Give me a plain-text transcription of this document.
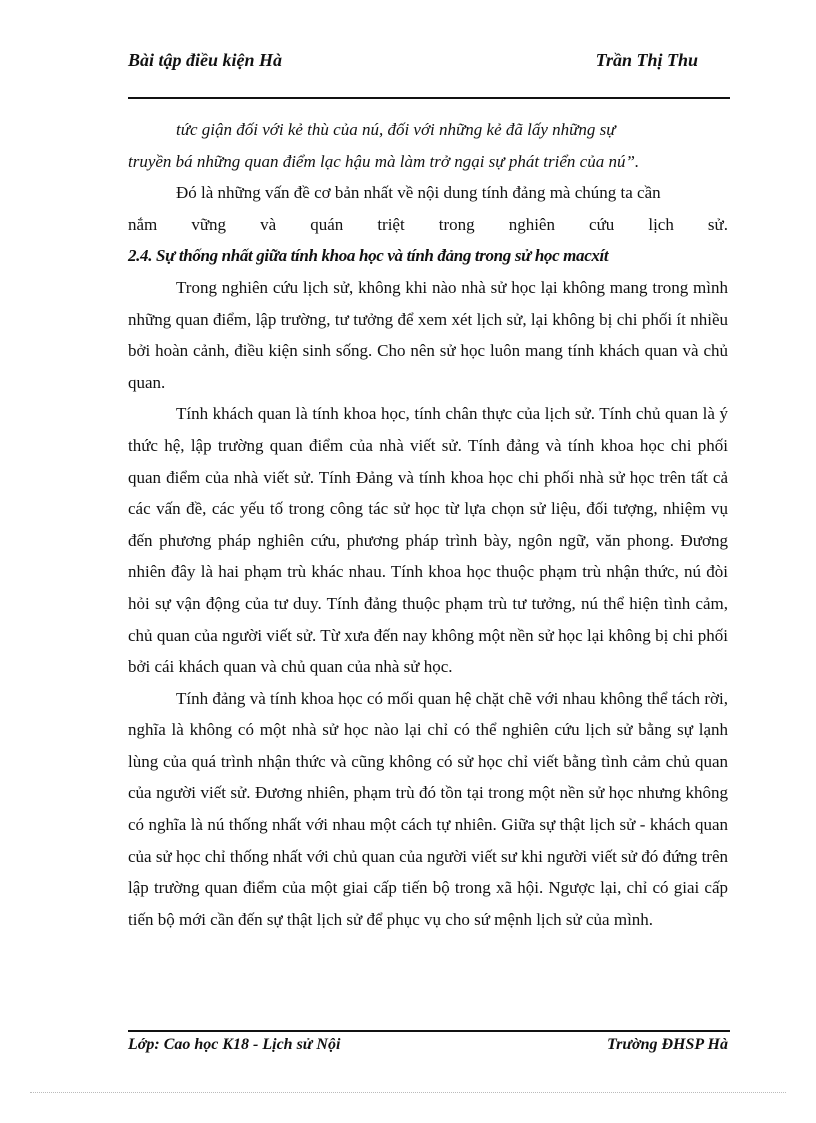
Bài tập điều kiện Hà	Trần Thị Thu

tức giận đối với kẻ thù của nú, đối với những kẻ đã lấy những sự

truyền bá những quan điểm lạc hậu mà làm trở ngại sự phát triển của nú”.

Đó là những vấn đề cơ bản nhất về nội dung tính đảng mà chúng ta cần

nắm vững và quán triệt trong nghiên cứu lịch sử.

2.4. Sự thống nhất giữa tính khoa học và tính đảng trong sử học macxít

Trong nghiên cứu lịch sử, không khi nào nhà sử học lại không mang trong mình những quan điểm, lập trường, tư tưởng để xem xét lịch sử, lại không bị chi phối ít nhiều bởi hoàn cảnh, điều kiện sinh sống. Cho nên sử học luôn mang tính khách quan và chủ quan.

Tính khách quan là tính khoa học, tính chân thực của lịch sử. Tính chủ quan là ý thức hệ, lập trường quan điểm của nhà viết sử. Tính đảng và tính khoa học chi phối quan điểm của nhà viết sử. Tính Đảng và tính khoa học chi phối nhà sử học trên tất cả các vấn đề, các yếu tố trong công tác sử học từ lựa chọn sử liệu, đối tượng, nhiệm vụ đến phương pháp nghiên cứu, phương pháp trình bày, ngôn ngữ, văn phong. Đương nhiên đây là hai phạm trù khác nhau. Tính khoa học thuộc phạm trù nhận thức, nú đòi hỏi sự vận động của tư duy. Tính đảng thuộc phạm trù tư tưởng, nú thể hiện tình cảm, chủ quan của người viết sử. Từ xưa đến nay không một nền sử học lại không bị chi phối bởi cái khách quan và chủ quan của nhà sử học.

Tính đảng và tính khoa học có mối quan hệ chặt chẽ với nhau không thể tách rời, nghĩa là không có một nhà sử học nào lại chỉ có thể nghiên cứu lịch sử bằng sự lạnh lùng của quá trình nhận thức và cũng không có sử học chỉ viết bằng tình cảm chủ quan của người viết sử. Đương nhiên, phạm trù đó tồn tại trong một nền sử học nhưng không có nghĩa là nú thống nhất với nhau một cách tự nhiên. Giữa sự thật lịch sử - khách quan của sử học chỉ thống nhất với chủ quan của người viết sư khi người viết sử đó đứng trên lập trường quan điểm của một giai cấp tiến bộ trong xã hội. Ngược lại, chỉ có giai cấp tiến bộ mới cần đến sự thật lịch sử để phục vụ cho sứ mệnh lịch sử của mình.

Lớp: Cao học K18 - Lịch sử Nội	Trường ĐHSP Hà
